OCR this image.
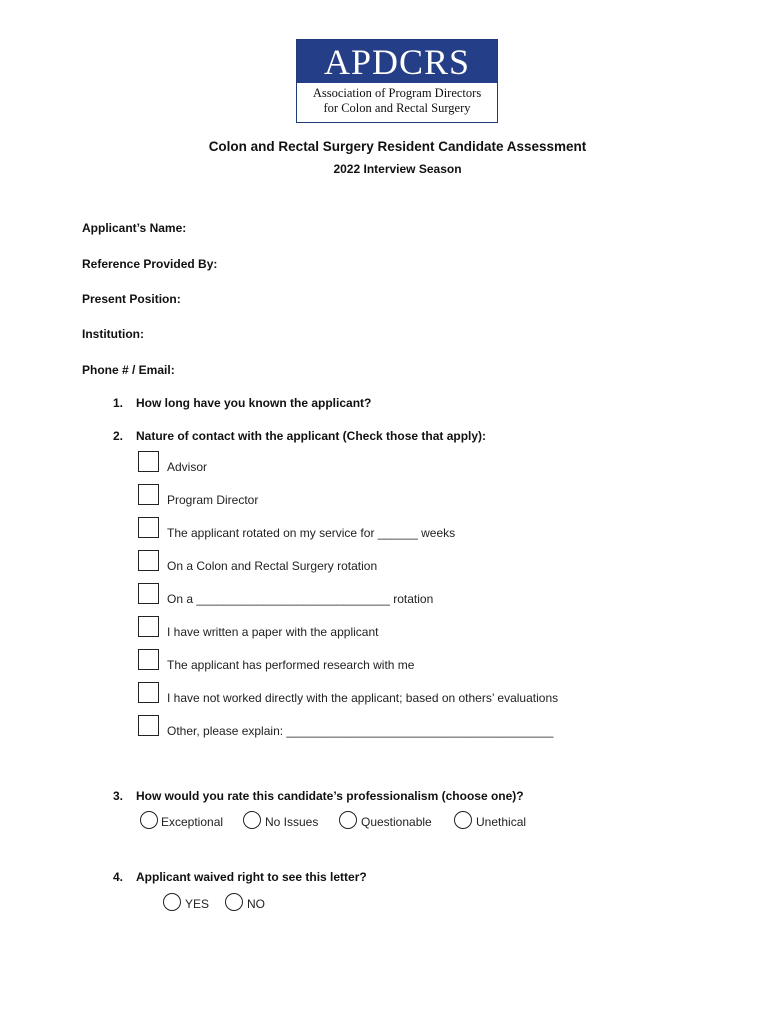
APDCRS
Association of Program Directors
for Colon and Rectal Surgery
Colon and Rectal Surgery Resident Candidate Assessment
2022 Interview Season
Applicant’s Name:
Reference Provided By:
Present Position:
Institution:
Phone # / Email:
1. How long have you known the applicant?
2. Nature of contact with the applicant (Check those that apply):
Advisor
Program Director
The applicant rotated on my service for ______ weeks
On a Colon and Rectal Surgery rotation
On a _____________________________ rotation
I have written a paper with the applicant
The applicant has performed research with me
I have not worked directly with the applicant; based on others’ evaluations
Other, please explain: ________________________________________
3. How would you rate this candidate’s professionalism (choose one)?
Exceptional	No Issues	Questionable	Unethical
4. Applicant waived right to see this letter?
YES	NO
